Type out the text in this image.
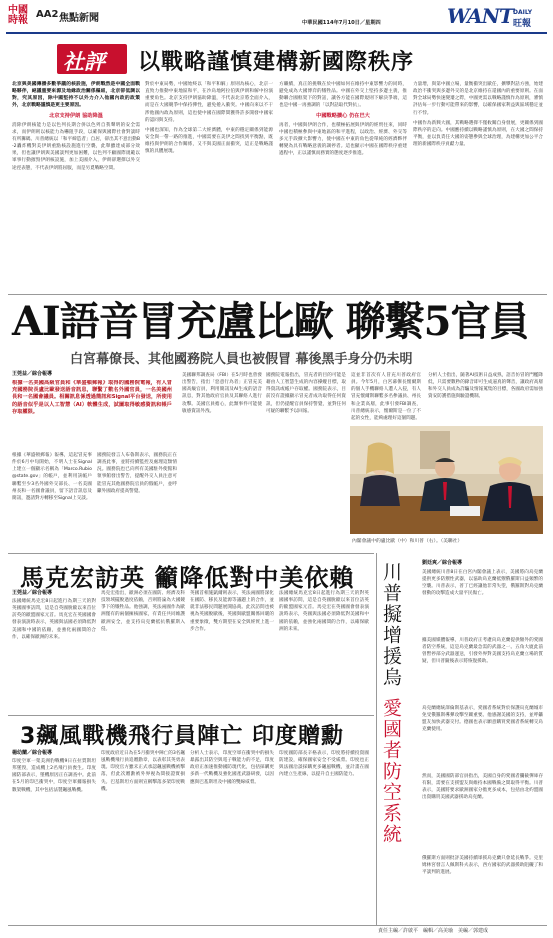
中國
時報
AA2 焦點新聞	中華民國114年7月10日／星期四	WANT DAILY
旺報
社評 以戰略謹慎建構新國際秩序
北京與美國傳播多數爭議的核設施，伊朗戰然是中國全面戰略夥伴，絕議重要來源及地緣政治關係樞紐，北京卻低調以對，究其原因，除中國堅持不以外力介入他國內政的政策外，北京戰略謹慎是更主要原因。
北京支持伊朗 協助降溫
消除伊朗核能力是以色列長期合併以色列自我聲明的安全需求，而伊朗則以核能力為嚇阻手段，以確保與國際社會對談時有所籌碼。川普總統以「和平締造者」自居，卻出其不意出動B-2轟炸機對美伊朗重點核設施進行空襲，此舉雖達成部分效果，但也讓伊朗與美國談判更加困難，以色列不顧國際規範以軍事行動摧毀伊朗核設施，加上美國介入，伊朗卻選擇以外交途徑表態，不代表伊朗將屈服，而是另覓戰略空間。
對於中東局勢，中國始終以「和平和解」原則為核心，北京一直致力推動中東地區和平，在沙烏地阿拉伯與伊朗和解中扮演重要角色。北京支持伊朗協助降溫，不代表北京將全面介入，而是在大國競爭中保持彈性，避免捲入衝突。中國向來以不干涉他國內政為原則，這也使中國在國際間獲得許多開發中國家的認同與支持。
中國也深知，作為全球第二大經濟體，中東的穩定關係到能源安全與一帶一路的推進，中國需要在美伊之間找到平衡點，既維持與伊朗的合作關係，又不與美國正面衝突，這正是戰略謹慎的具體展現。
方繼續，真正的挑戰在於中國如何在維持中東影響力的同時，避免成為大國博弈的犧牲品。中國在外交上堅持多邊主義，推動聯合國框架下的對話，讓各方能在國際規則下解決爭端，這也是中國一再強調的「以對話取代對抗」。
中國戰略擴心 仍在巴大
再者，中國與伊朗合作，也積極拓展與伊朗的經貿往來，同時中國也積極參與中東地區的和平進程，以政治、經濟、外交等多元手段擴大影響力，使中國在中東的角色從單純的經濟夥伴轉變為具有戰略意義的調停者。這也顯示中國在國際秩序重建過程中，正以謹慎而務實的態度逐步推進。
力量增，與第中國立場，量衡衝突出歐任，擴攀對話方強，始建政治不衝突與多邊外交的是北京維持在還國內的重要原則。在面對全球局勢快速變遷之際，中國更需以戰略謹慎作為原則，審慎評估每一步行動可能帶來的影響，以確保國家利益與區域穩定並行不悖。
中國作為新興大國，其戰略選擇不僅攸關自身發展，更關係到國際秩序的走向。中國應持續以戰略謹慎為原則，在大國之間保持平衡，並以負責任大國的姿態參與全球治理，為建構更加公平合理的新國際秩序貢獻力量。
AI語音冒充盧比歐 聯繫5官員
白宮幕僚長、其他國務院人員也被假冒 幕後黑手身分仍未明
王莞益／綜合報導
根據一名美國高級官員和《華盛頓郵報》取得的國務院電報，有人冒充國務院長盧比歐發送語音訊息，聯繫了數名外國官員，一名美國州長和一名國會議員。相關訊息係透過簡訊和Signal平台發送，所使用的語音似乎是以人工智慧（AI）軟體生成，試圖取得敏感資訊和帳戶存取權限。
根據《華盛頓郵報》報導，這起冒充事件於6月中旬開始，不明人士在Signal上建立一個顯示名稱為「Marco.Rubio@state.gov」的帳戶，並利用該帳戶聯繫至少3名外國外交部長、一名美國州長和一名國會議員，留下語音訊息及簡訊，邀請對方轉移至Signal上交談。
國務院發言人布魯斯表示，國務院正在調查此事，並將持續監控及處理這類情況。國務院也已向所有美國駐外使館和領事館發出警告，提醒外交人員注意可能冒充其他國務院官員的假帳戶，並呼籲外國政府提高警覺。
美國聯邦調查局（FBI）在5月時也曾發出警告，指出「惡意行為者」正冒充美國高級官員，利用簡訊及AI生成的語音訊息，對其他政府官員及其聯絡人進行攻擊。美國官員擔心，此類事件可能使敏感資訊外洩。
國務院電報指出，冒充者的目的可能是藉由人工智慧生成的內容操縱目標，取得資訊或帳戶存取權。國務院表示，目前沒有證據顯示冒充者成功取得任何資訊，但仍提醒官員保持警覺，並對任何可疑的聯繫予以回報。
這並非首次有人冒充川普政府官員。今年5月，白宮幕僚長懷爾斯的個人手機聯絡人遭人入侵，有人冒充懷爾斯聯繫多名參議員、州長和企業高層，此事引發FBI調查，川普總統表示，懷爾斯是一位了不起的女性，能夠處理好這個問題。
分析人士指出，隨著AI技術日益成熟，語音仿冒的門檻降低，只需要數秒的錄音即可生成逼真的聲音，讓政府高層和外交人員成為詐騙及情報蒐集的目標，各國政府需加強資安防護措施與驗證機制。
內閣會議中的盧比歐（中）和川普（右）。（美聯社）
馬克宏訪英 籲降低對中美依賴
王莞益／綜合報導
法國總統馬克宏8日起進行為期三天的對英國國事訪問，這是自英國脫歐以來首位訪英的歐盟國家元首。馬克宏在英國國會發表演說時表示，英國與法國必須降低對美國和中國的依賴，並強化兩國間的合作，以確保歐洲的未來。
馬克宏指出，歐洲必須在國防、經濟及科技領域擺脫過度依賴，否則將淪為大國競爭下的犧牲品。他強調，英法兩國作為歐洲僅有的兩個擁核國家，有責任共同維護歐洲安全，並支持烏克蘭抵抗俄羅斯入侵。
英國首相施凱爾則表示，英法兩國將深化在國防、移民及能源等議題上的合作，並就非法移民問題展開協商。此次訪問也被視為英國脫歐後，英國與歐盟關係回暖的重要象徵，雙方期望在安全與經貿上進一步合作。
3飆風戰機飛行員陣亡 印度贈勳
楊幼蘭／綜合報導
印度空軍一架美洲豹戰機9日在拉賈斯坦邦墜毀，造成機上2名飛行員喪生。印度國防部表示，墜機原因正在調查中。此前在5月的印巴衝突中，印度空軍據報損失數架戰機，其中包括法製飆風戰機。
印度政府近日為在5月衝突中陣亡的3名飆風戰機飛行員追贈勳章，以表彰其英勇表現。印度官方雖未正式承認飆風戰機被擊落，但此次贈勳被外界視為間接證實損失。巴基斯坦方面則宣稱擊落多架印度戰機。
分析人士表示，印度空軍在衝突中的損失暴露出其防空與電子戰能力的不足，印度政府正加速推動國防現代化，包括採購更多新一代戰機及強化國產武器研發，以因應與巴基斯坦及中國的雙線威脅。
印度國防部長辛格表示，印度將持續投資國防建設，確保國家安全不受威脅。印度也正與法國洽談採購更多飆風戰機，並計畫在國內建立生產線，以提升自主國防能力。
法國總統馬克宏8日起進行為期三天的對英國國事訪問，這是自英國脫歐以來首位訪英的歐盟國家元首。馬克宏在英國國會發表演說時表示，英國與法國必須降低對美國和中國的依賴，並強化兩國間的合作，以確保歐洲的未來。	川普擬增援烏
愛國者防空系統
劉廷爽／綜合報導
美國總統川普8日在白宮內閣會議上表示，美國將向烏克蘭提供更多防禦性武器，以協助烏克蘭抵禦俄羅斯日益頻繁的空襲。川普表示，普丁已經讓他非常失望，俄羅斯對烏克蘭發動的攻擊造成大量平民傷亡。
據美國媒體報導，川普政府正考慮向烏克蘭提供額外的愛國者防空系統，這是烏克蘭最急需的武器之一。五角大廈此前曾暫停部分武器運送，引發外界對美國支持烏克蘭立場的質疑，但川普隨後表示將恢復援助。
烏克蘭總統澤倫斯基表示，愛國者系統對於保護烏克蘭城市免受俄羅斯導彈攻擊至關重要。他感謝美國的支持，並呼籲盟友加快武器交付。德國也表示願意購買愛國者系統轉交烏克蘭使用。
然而，美國國防部官員指出，美國自身的愛國者攔截彈庫存有限，需要在支援盟友與維持本國戰備之間取得平衡。川普表示，美國將要求歐洲國家分擔更多成本，包括由北約盟國出資購買美國武器援助烏克蘭。
俄羅斯方面則批評美國持續軍援烏克蘭只會延長戰爭。克里姆林宮發言人佩斯科夫表示，西方國家的武器援助阻礙了和平談判的進展。
責任主編／許啟平　編輯／高美瑜　美編／郭建成
